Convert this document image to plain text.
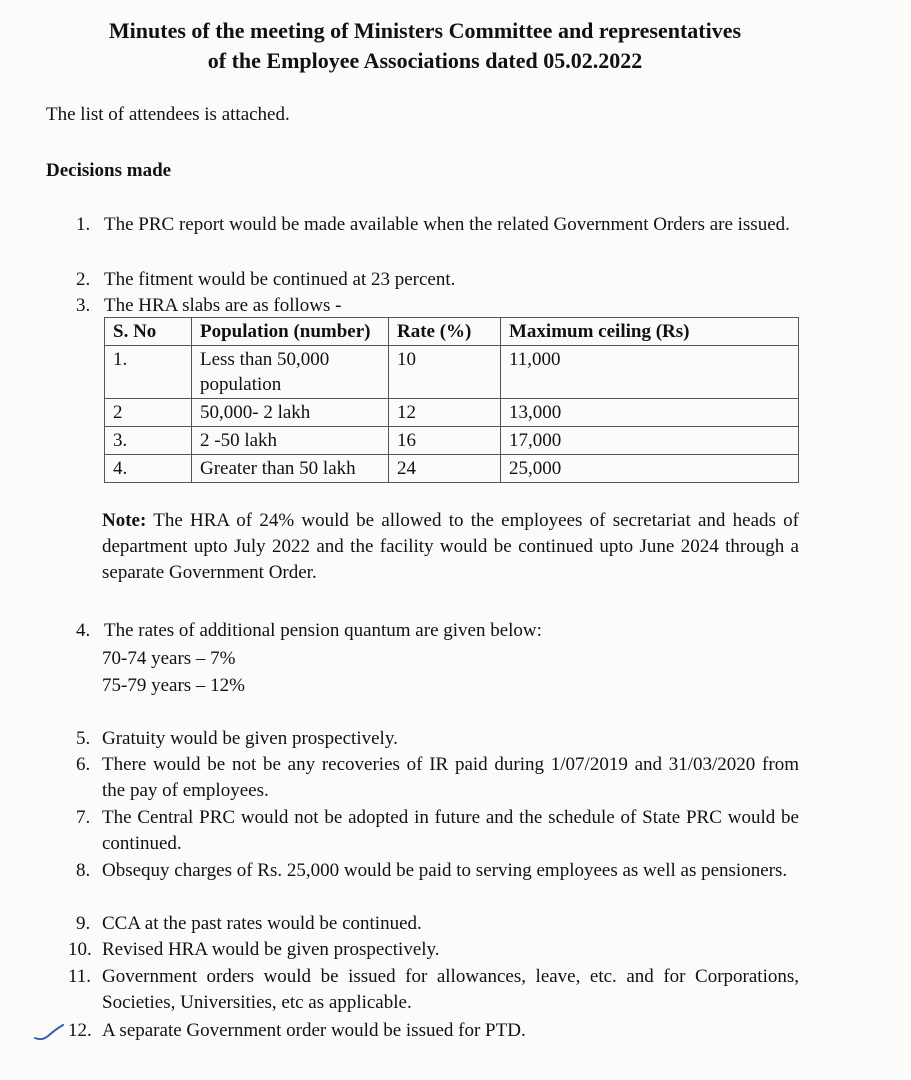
Minutes of the meeting of Ministers Committee and representatives
of the Employee Associations dated 05.02.2022
The list of attendees is attached.
Decisions made
1. The PRC report would be made available when the related Government Orders are issued.
2. The fitment would be continued at 23 percent.
3. The HRA slabs are as follows -
S. No	Population (number)	Rate (%)	Maximum ceiling (Rs)
1.	Less than 50,000 population	10	11,000
2	50,000- 2 lakh	12	13,000
3.	2 -50 lakh	16	17,000
4.	Greater than 50 lakh	24	25,000
Note: The HRA of 24% would be allowed to the employees of secretariat and heads of department upto July 2022 and the facility would be continued upto June 2024 through a separate Government Order.
4. The rates of additional pension quantum are given below:
70-74 years – 7%
75-79 years – 12%
5. Gratuity would be given prospectively.
6. There would be not be any recoveries of IR paid during 1/07/2019 and 31/03/2020 from the pay of employees.
7. The Central PRC would not be adopted in future and the schedule of State PRC would be continued.
8. Obsequy charges of Rs. 25,000 would be paid to serving employees as well as pensioners.
9. CCA at the past rates would be continued.
10. Revised HRA would be given prospectively.
11. Government orders would be issued for allowances, leave, etc. and for Corporations, Societies, Universities, etc as applicable.
12. A separate Government order would be issued for PTD.
